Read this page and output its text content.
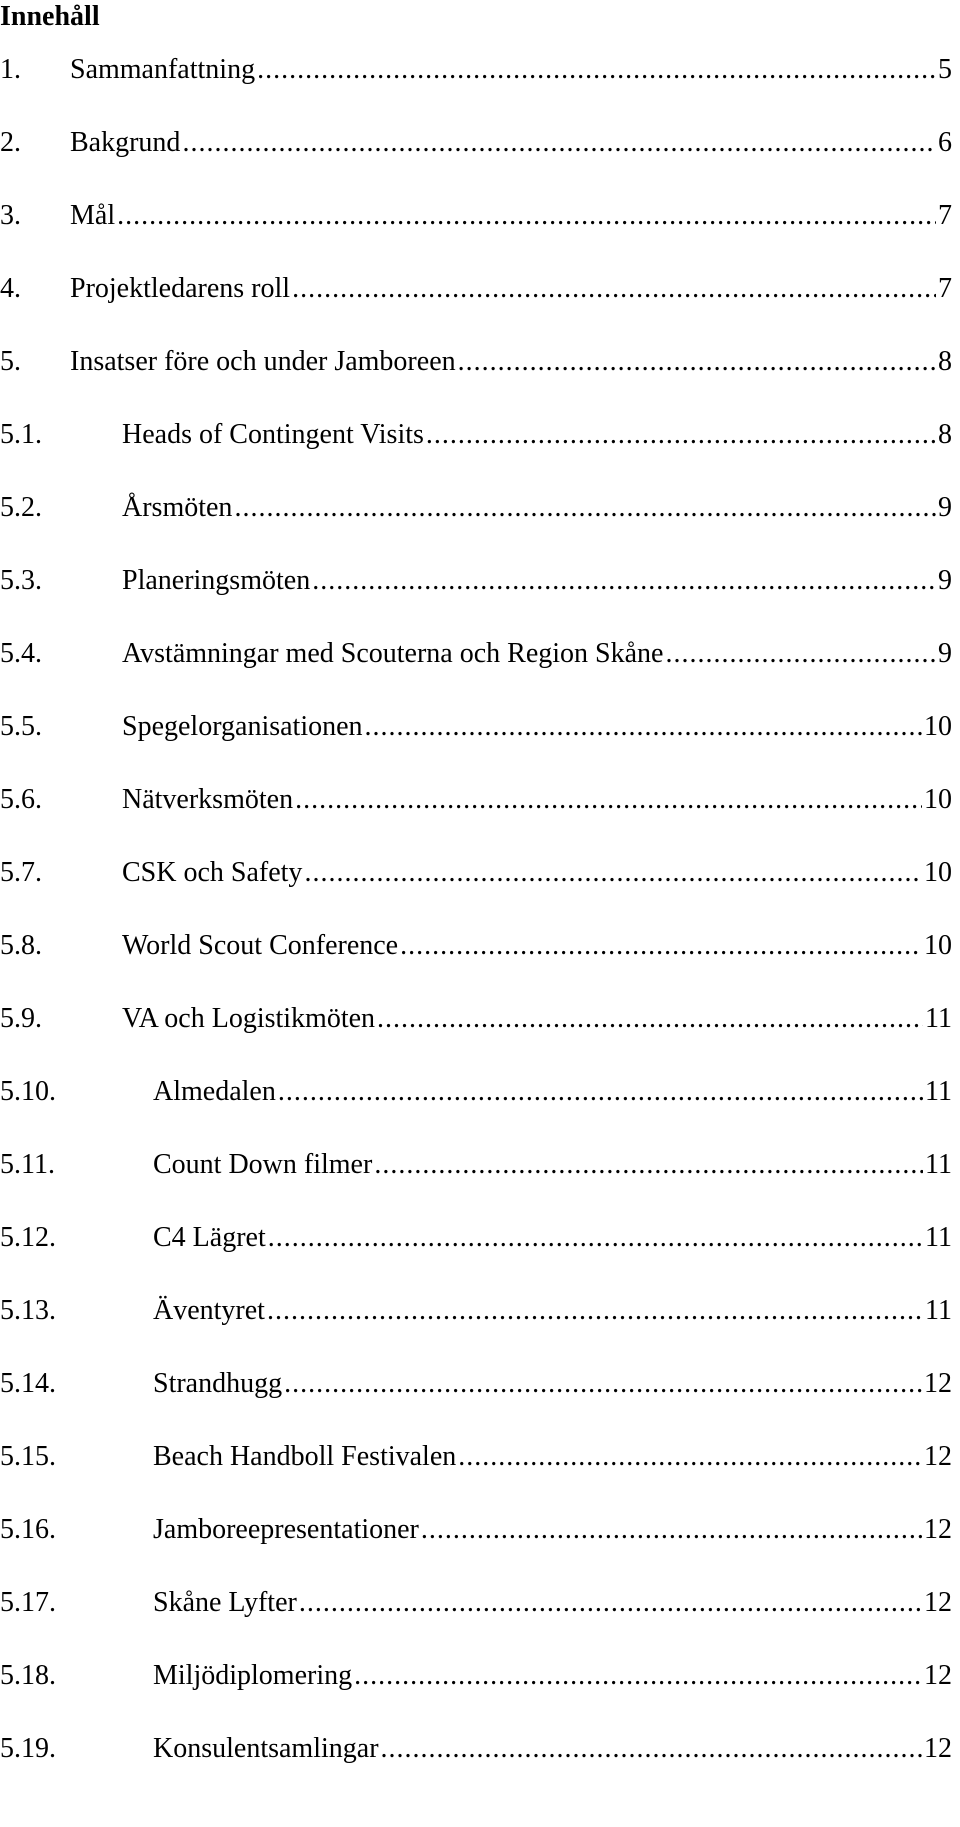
Innehåll
1.	Sammanfattning .....	5
2.	Bakgrund .....	6
3.	Mål .....	7
4.	Projektledarens roll .....	7
5.	Insatser före och under Jamboreen .....	8
5.1.	Heads of Contingent Visits .....	8
5.2.	Årsmöten .....	9
5.3.	Planeringsmöten .....	9
5.4.	Avstämningar med Scouterna och Region Skåne .....	9
5.5.	Spegelorganisationen .....	10
5.6.	Nätverksmöten .....	10
5.7.	CSK och Safety .....	10
5.8.	World Scout Conference .....	10
5.9.	VA och Logistikmöten .....	11
5.10.	Almedalen .....	11
5.11.	Count Down filmer .....	11
5.12.	C4 Lägret .....	11
5.13.	Äventyret .....	11
5.14.	Strandhugg .....	12
5.15.	Beach Handboll Festivalen .....	12
5.16.	Jamboreepresentationer .....	12
5.17.	Skåne Lyfter .....	12
5.18.	Miljödiplomering .....	12
5.19.	Konsulentsamlingar .....	12
